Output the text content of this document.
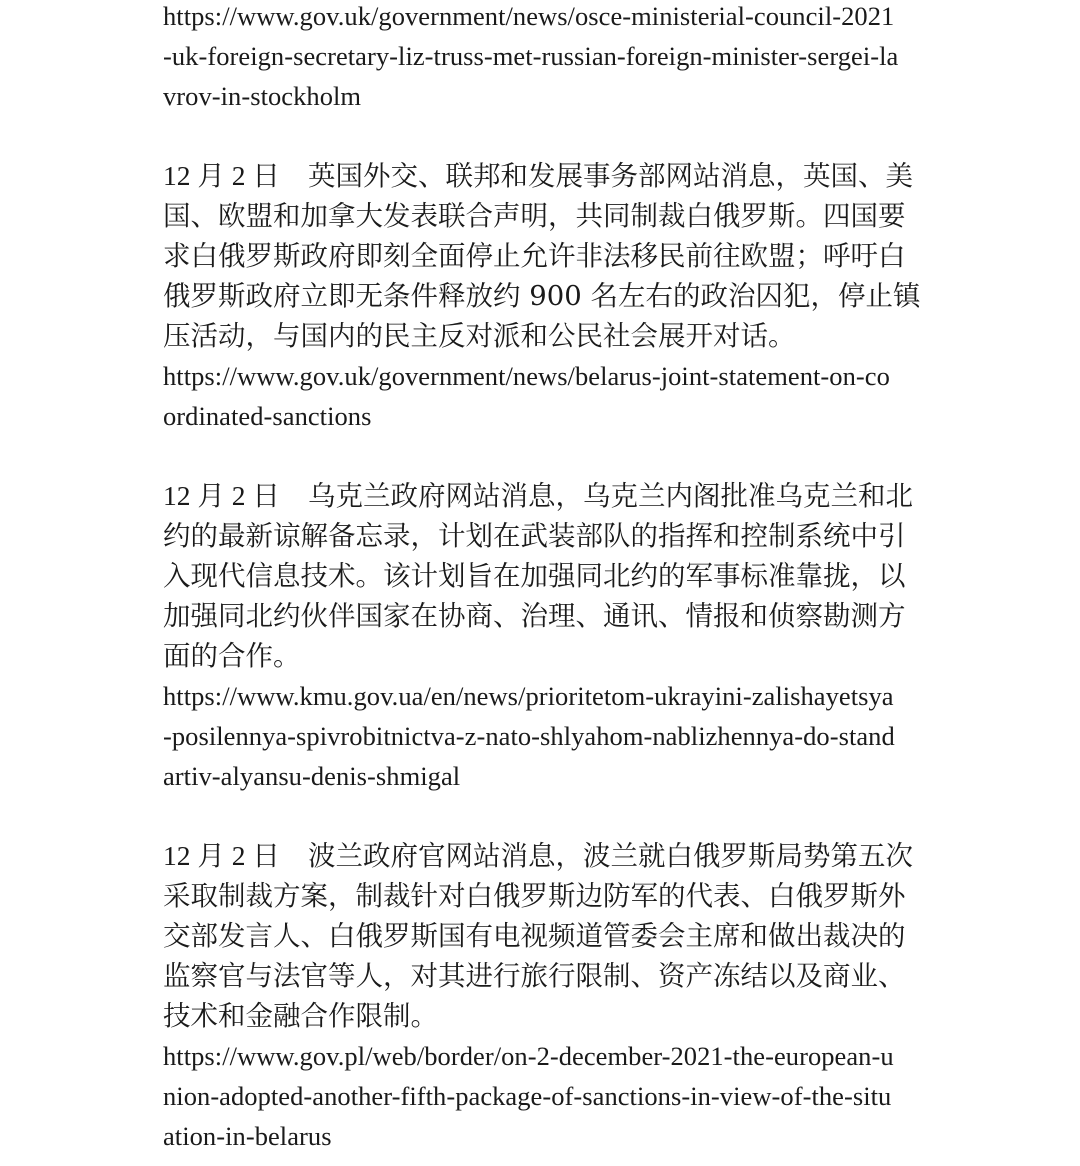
https://www.gov.uk/government/news/osce-ministerial-council-2021
-uk-foreign-secretary-liz-truss-met-russian-foreign-minister-sergei-la
vrov-in-stockholm
12 月 2 日 英国外交、联邦和发展事务部网站消息，英国、美
国、欧盟和加拿大发表联合声明，共同制裁白俄罗斯。四国要
求白俄罗斯政府即刻全面停止允许非法移民前往欧盟；呼吁白
俄罗斯政府立即无条件释放约 900 名左右的政治囚犯，停止镇
压活动，与国内的民主反对派和公民社会展开对话。
https://www.gov.uk/government/news/belarus-joint-statement-on-co
ordinated-sanctions
12 月 2 日 乌克兰政府网站消息，乌克兰内阁批准乌克兰和北
约的最新谅解备忘录，计划在武装部队的指挥和控制系统中引
入现代信息技术。该计划旨在加强同北约的军事标准靠拢，以
加强同北约伙伴国家在协商、治理、通讯、情报和侦察勘测方
面的合作。
https://www.kmu.gov.ua/en/news/prioritetom-ukrayini-zalishayetsya
-posilennya-spivrobitnictva-z-nato-shlyahom-nablizhennya-do-stand
artiv-alyansu-denis-shmigal
12 月 2 日 波兰政府官网站消息，波兰就白俄罗斯局势第五次
采取制裁方案，制裁针对白俄罗斯边防军的代表、白俄罗斯外
交部发言人、白俄罗斯国有电视频道管委会主席和做出裁决的
监察官与法官等人，对其进行旅行限制、资产冻结以及商业、
技术和金融合作限制。
https://www.gov.pl/web/border/on-2-december-2021-the-european-u
nion-adopted-another-fifth-package-of-sanctions-in-view-of-the-situ
ation-in-belarus
